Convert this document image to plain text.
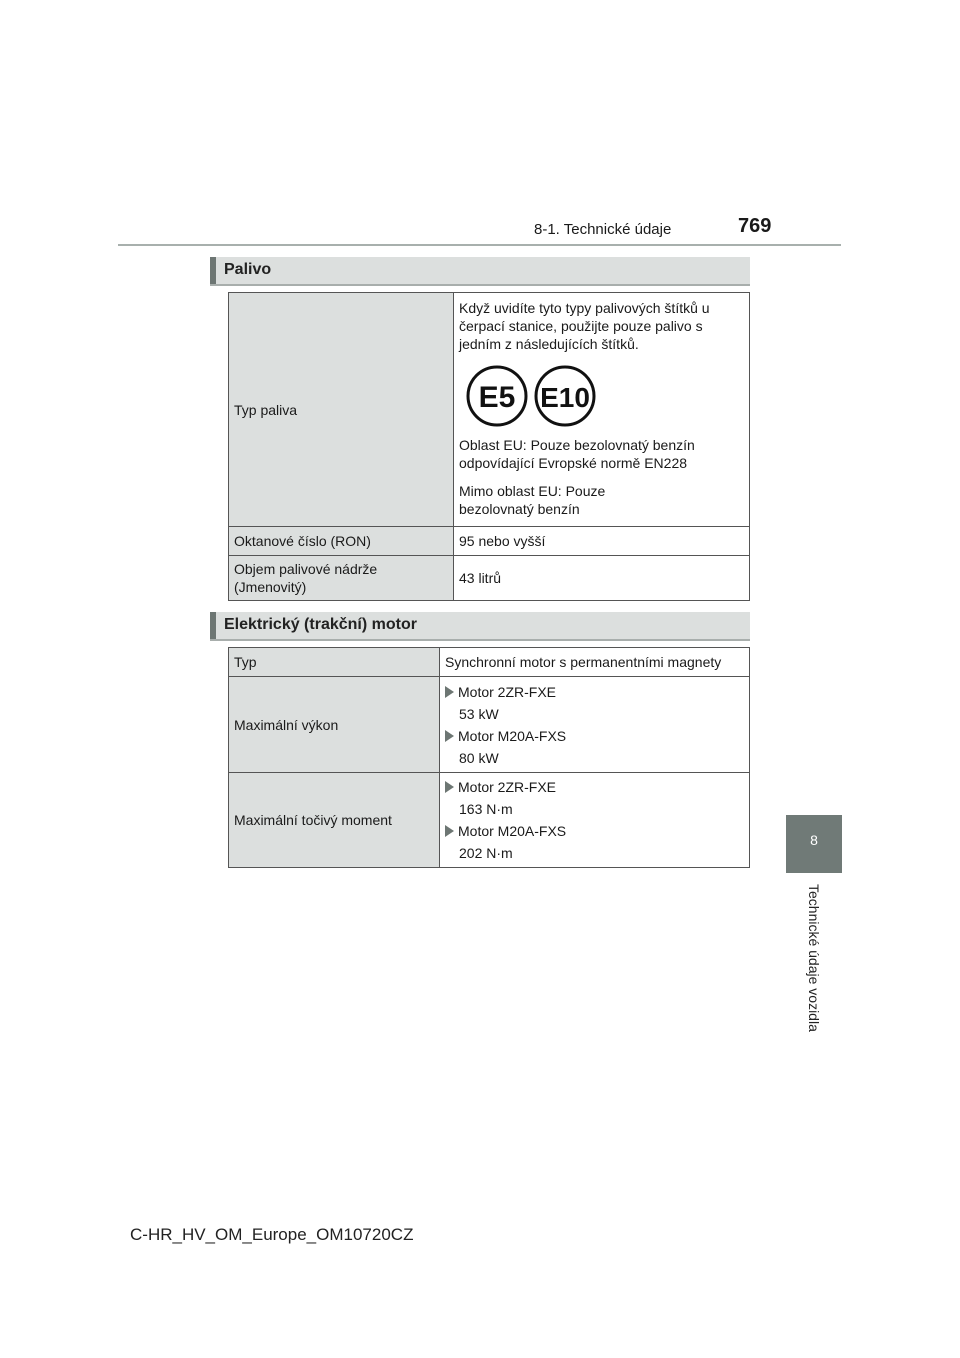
8-1. Technické údaje	769
8
Technické údaje vozidla
Palivo
Typ paliva	Když uvidíte tyto typy palivových štítků u čerpací stanice, použijte pouze palivo s jedním z následujících štítků.

E5 E10

Oblast EU: Pouze bezolovnatý benzín odpovídající Evropské normě EN228

Mimo oblast EU: Pouze bezolovnatý benzín

Oktanové číslo (RON)	95 nebo vyšší
Objem palivové nádrže (Jmenovitý)	43 litrů
Elektrický (trakční) motor
Typ	Synchronní motor s permanentními magnety
Maximální výkon	Motor 2ZR-FXE
53 kW
Motor M20A-FXS
80 kW

Maximální točivý moment	Motor 2ZR-FXE
163 N·m
Motor M20A-FXS
202 N·m
C-HR_HV_OM_Europe_OM10720CZ
